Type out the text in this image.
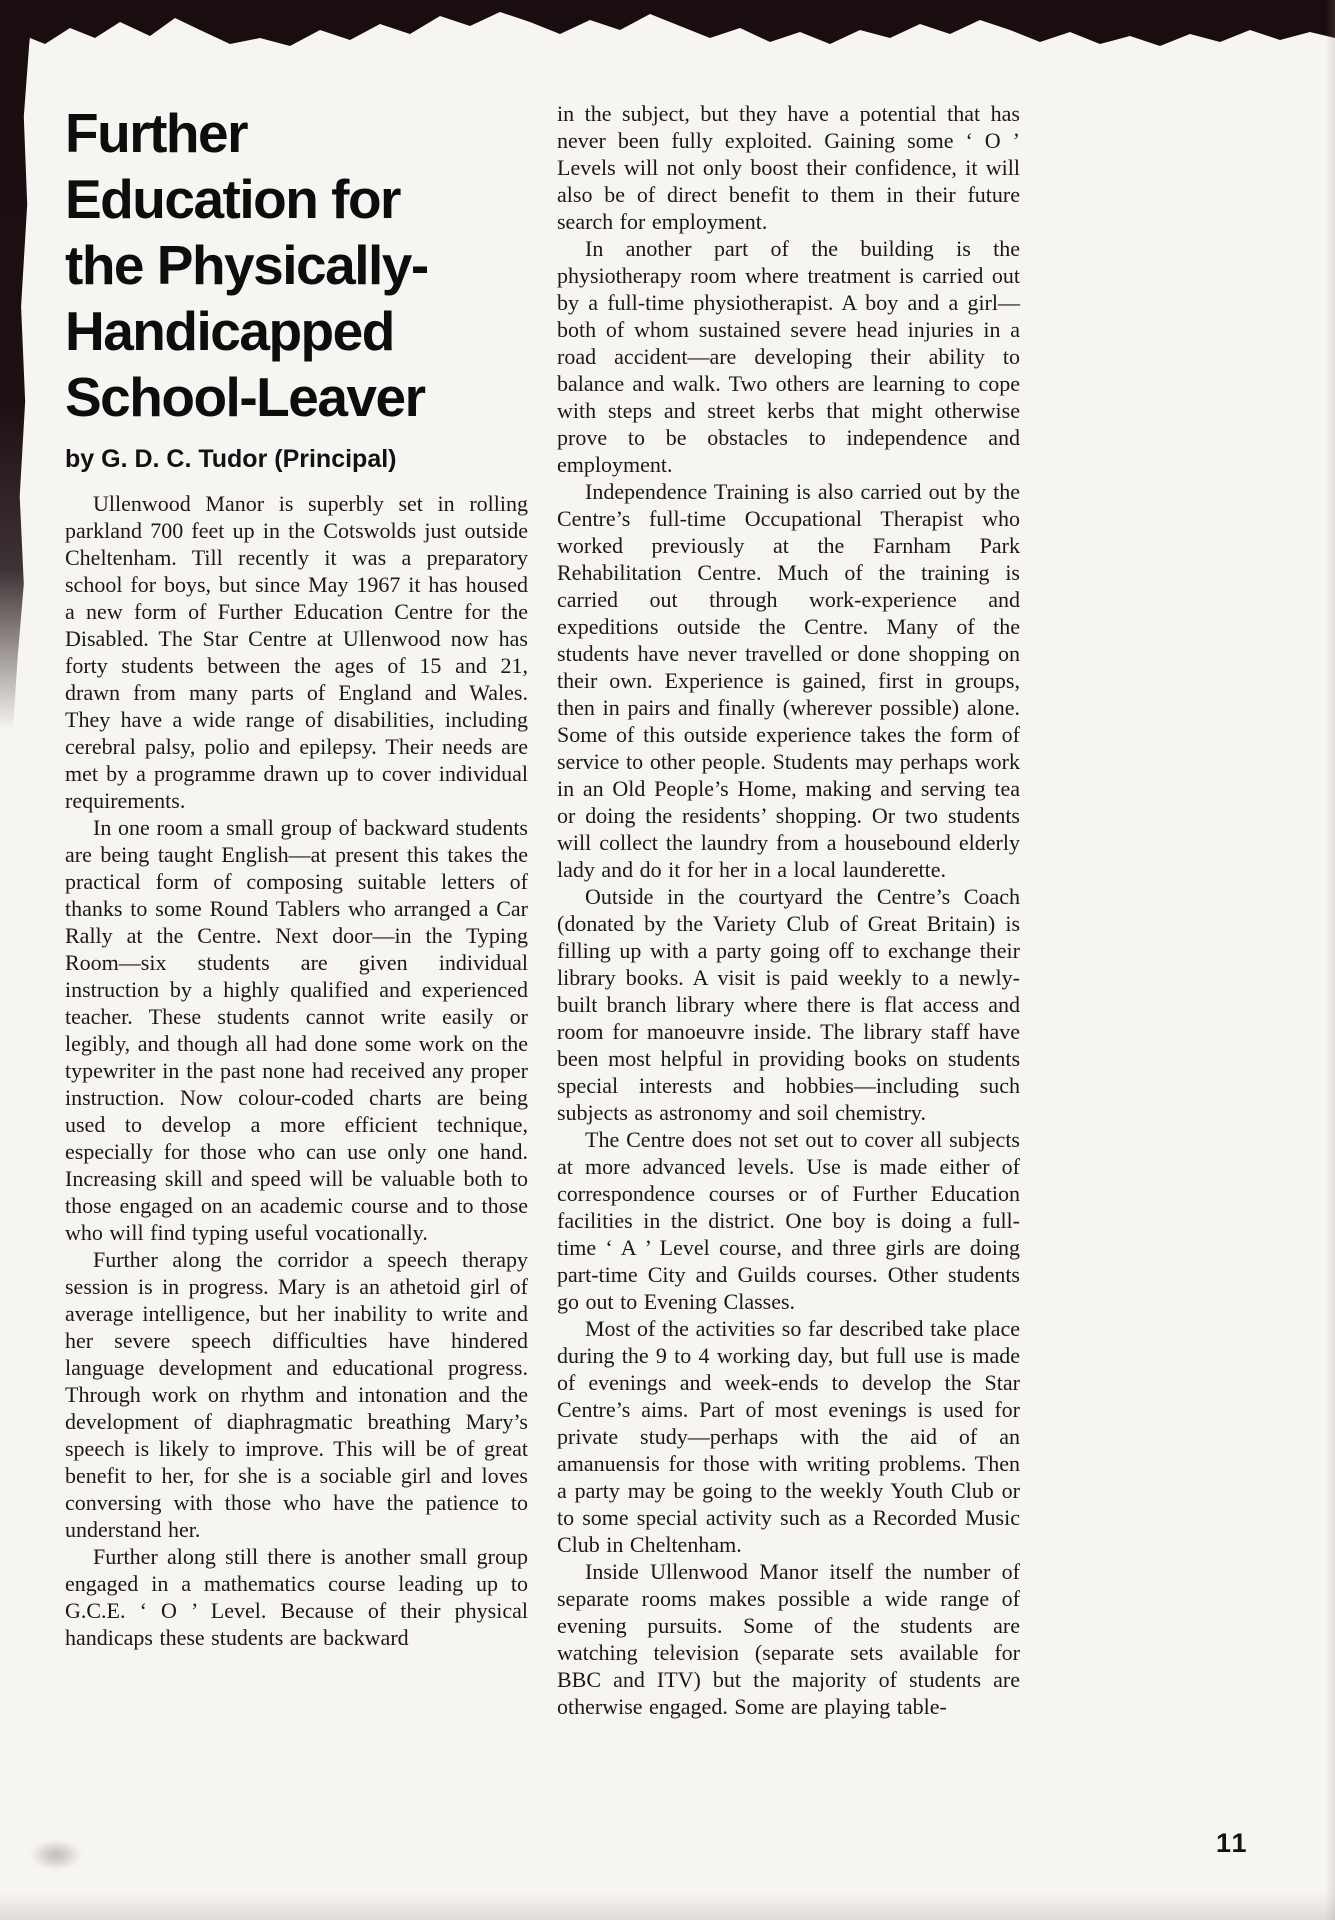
Further
Education for
the Physically-
Handicapped
School-Leaver

by G. D. C. Tudor (Principal)

Ullenwood Manor is superbly set in rolling parkland 700 feet up in the Cotswolds just outside Cheltenham. Till recently it was a preparatory school for boys, but since May 1967 it has housed a new form of Further Education Centre for the Disabled. The Star Centre at Ullenwood now has forty students between the ages of 15 and 21, drawn from many parts of England and Wales. They have a wide range of disabilities, including cerebral palsy, polio and epilepsy. Their needs are met by a programme drawn up to cover individual requirements.

In one room a small group of backward students are being taught English—at present this takes the practical form of composing suitable letters of thanks to some Round Tablers who arranged a Car Rally at the Centre. Next door—in the Typing Room—six students are given individual instruction by a highly qualified and experienced teacher. These students cannot write easily or legibly, and though all had done some work on the typewriter in the past none had received any proper instruction. Now colour-coded charts are being used to develop a more efficient technique, especially for those who can use only one hand. Increasing skill and speed will be valuable both to those engaged on an academic course and to those who will find typing useful vocationally.

Further along the corridor a speech therapy session is in progress. Mary is an athetoid girl of average intelligence, but her inability to write and her severe speech difficulties have hindered language development and educational progress. Through work on rhythm and intonation and the development of diaphragmatic breathing Mary’s speech is likely to improve. This will be of great benefit to her, for she is a sociable girl and loves conversing with those who have the patience to understand her.

Further along still there is another small group engaged in a mathematics course leading up to G.C.E. ‘ O ’ Level. Because of their physical handicaps these students are backward

in the subject, but they have a potential that has never been fully exploited. Gaining some ‘ O ’ Levels will not only boost their confidence, it will also be of direct benefit to them in their future search for employment.

In another part of the building is the physiotherapy room where treatment is carried out by a full-time physiotherapist. A boy and a girl—both of whom sustained severe head injuries in a road accident—are developing their ability to balance and walk. Two others are learning to cope with steps and street kerbs that might otherwise prove to be obstacles to independence and employment.

Independence Training is also carried out by the Centre’s full-time Occupational Therapist who worked previously at the Farnham Park Rehabilitation Centre. Much of the training is carried out through work-experience and expeditions outside the Centre. Many of the students have never travelled or done shopping on their own. Experience is gained, first in groups, then in pairs and finally (wherever possible) alone. Some of this outside experience takes the form of service to other people. Students may perhaps work in an Old People’s Home, making and serving tea or doing the residents’ shopping. Or two students will collect the laundry from a housebound elderly lady and do it for her in a local launderette.

Outside in the courtyard the Centre’s Coach (donated by the Variety Club of Great Britain) is filling up with a party going off to exchange their library books. A visit is paid weekly to a newly-built branch library where there is flat access and room for manoeuvre inside. The library staff have been most helpful in providing books on students special interests and hobbies—including such subjects as astronomy and soil chemistry.

The Centre does not set out to cover all subjects at more advanced levels. Use is made either of correspondence courses or of Further Education facilities in the district. One boy is doing a full-time ‘ A ’ Level course, and three girls are doing part-time City and Guilds courses. Other students go out to Evening Classes.

Most of the activities so far described take place during the 9 to 4 working day, but full use is made of evenings and week-ends to develop the Star Centre’s aims. Part of most evenings is used for private study—perhaps with the aid of an amanuensis for those with writing problems. Then a party may be going to the weekly Youth Club or to some special activity such as a Recorded Music Club in Cheltenham.

Inside Ullenwood Manor itself the number of separate rooms makes possible a wide range of evening pursuits. Some of the students are watching television (separate sets available for BBC and ITV) but the majority of students are otherwise engaged. Some are playing table-

11
